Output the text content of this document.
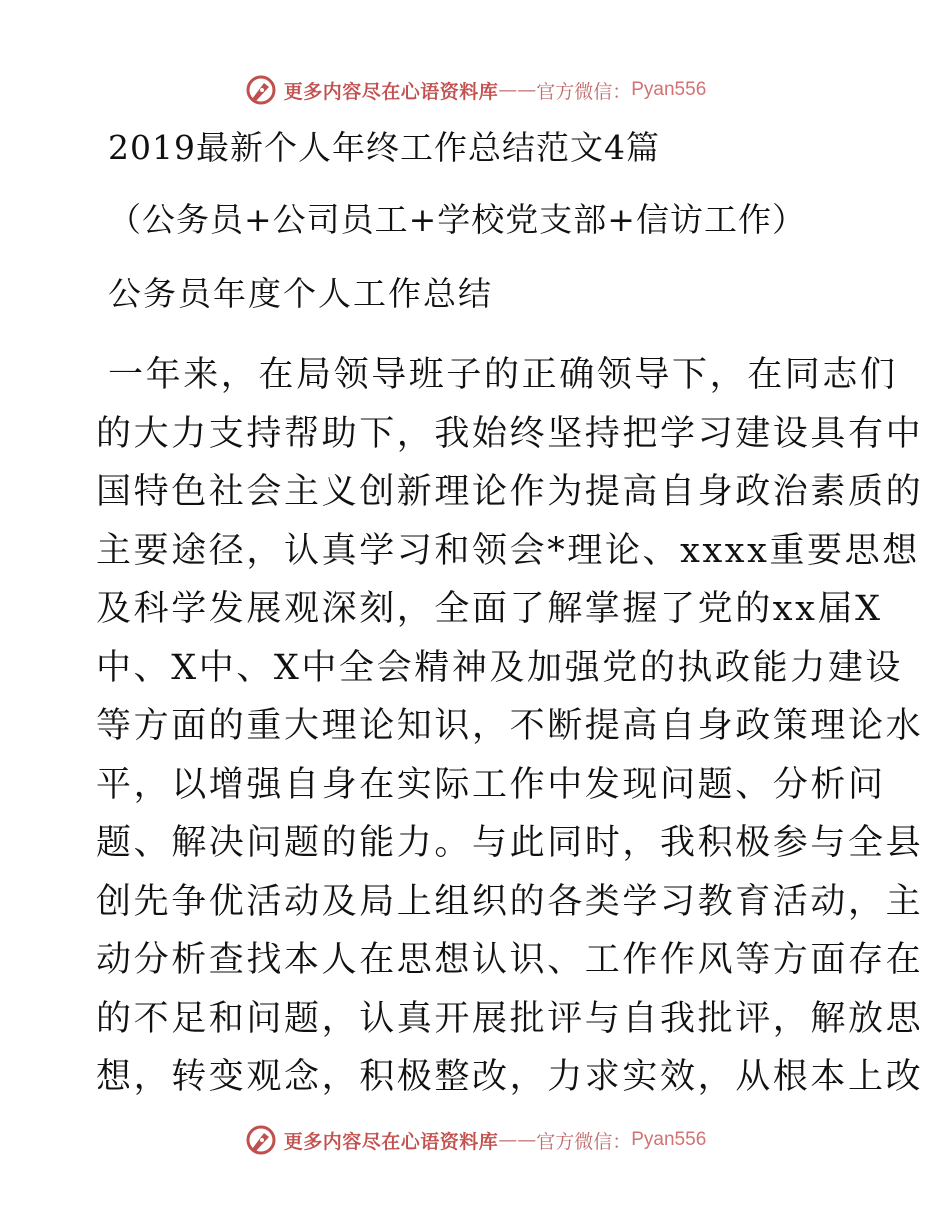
更多内容尽在心语资料库 —— 官方微信： Pyan556
2019最新个人年终工作总结范文4篇
（公务员+公司员工+学校党支部+信访工作）
公务员年度个人工作总结
一年来，在局领导班子的正确领导下，在同志们
的大力支持帮助下，我始终坚持把学习建设具有中
国特色社会主义创新理论作为提高自身政治素质的
主要途径，认真学习和领会*理论、xxxx重要思想
及科学发展观深刻，全面了解掌握了党的xx届X
中、X中、X中全会精神及加强党的执政能力建设
等方面的重大理论知识，不断提高自身政策理论水
平，以增强自身在实际工作中发现问题、分析问
题、解决问题的能力。与此同时，我积极参与全县
创先争优活动及局上组织的各类学习教育活动，主
动分析查找本人在思想认识、工作作风等方面存在
的不足和问题，认真开展批评与自我批评，解放思
想，转变观念，积极整改，力求实效，从根本上改
更多内容尽在心语资料库 —— 官方微信： Pyan556
